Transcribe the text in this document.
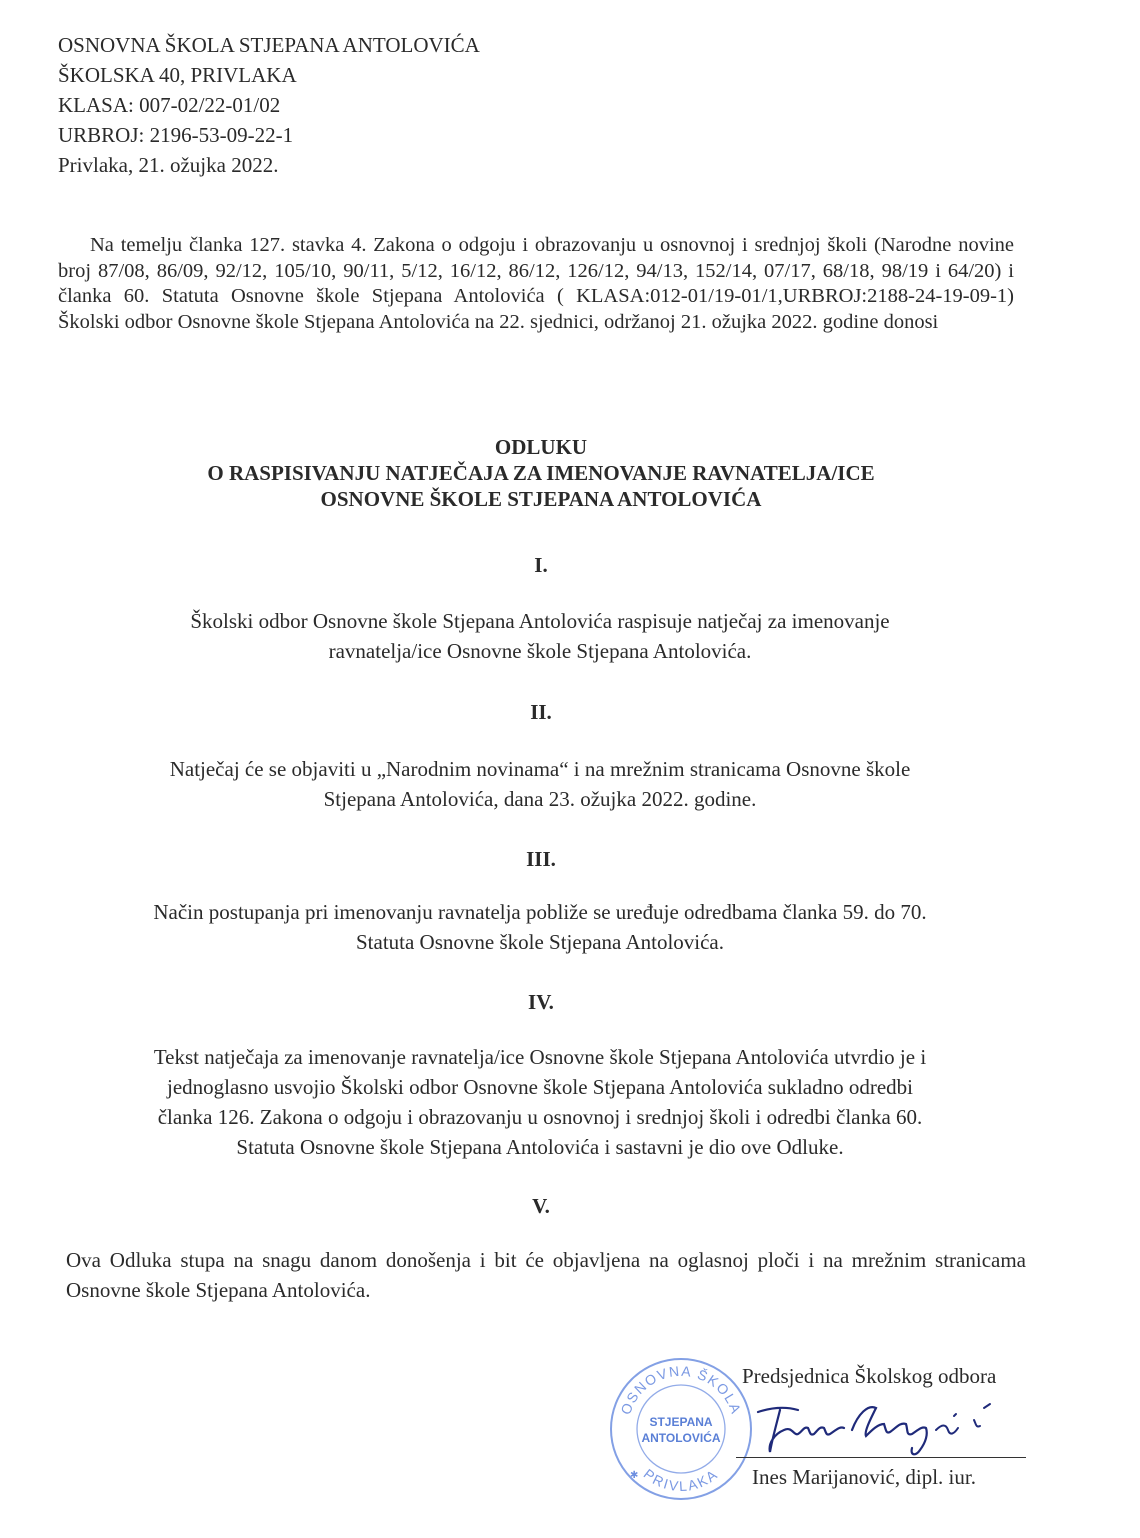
OSNOVNA ŠKOLA STJEPANA ANTOLOVIĆA
ŠKOLSKA 40, PRIVLAKA
KLASA: 007-02/22-01/02
URBROJ: 2196-53-09-22-1
Privlaka, 21. ožujka 2022.
Na temelju članka 127. stavka 4. Zakona o odgoju i obrazovanju u osnovnoj i srednjoj školi (Narodne novine broj 87/08, 86/09, 92/12, 105/10, 90/11, 5/12, 16/12, 86/12, 126/12, 94/13, 152/14, 07/17, 68/18, 98/19 i 64/20) i članka 60. Statuta Osnovne škole Stjepana Antolovića ( KLASA:012-01/19-01/1,URBROJ:2188-24-19-09-1) Školski odbor Osnovne škole Stjepana Antolovića na 22. sjednici, održanoj 21. ožujka 2022. godine donosi
ODLUKU
O RASPISIVANJU NATJEČAJA ZA IMENOVANJE RAVNATELJA/ICE
OSNOVNE ŠKOLE STJEPANA ANTOLOVIĆA
I.
Školski odbor Osnovne škole Stjepana Antolovića raspisuje natječaj za imenovanje
ravnatelja/ice Osnovne škole Stjepana Antolovića.
II.
Natječaj će se objaviti u „Narodnim novinama“ i na mrežnim stranicama Osnovne škole
Stjepana Antolovića, dana 23. ožujka 2022. godine.
III.
Način postupanja pri imenovanju ravnatelja pobliže se uređuje odredbama članka 59. do 70.
Statuta Osnovne škole Stjepana Antolovića.
IV.
Tekst natječaja za imenovanje ravnatelja/ice Osnovne škole Stjepana Antolovića utvrdio je i
jednoglasno usvojio Školski odbor Osnovne škole Stjepana Antolovića sukladno odredbi
članka 126. Zakona o odgoju i obrazovanju u osnovnoj i srednjoj školi i odredbi članka 60.
Statuta Osnovne škole Stjepana Antolovića i sastavni je dio ove Odluke.
V.
Ova Odluka stupa na snagu danom donošenja i bit će objavljena na oglasnoj ploči i na mrežnim stranicama Osnovne škole Stjepana Antolovića.
OSNOVNA ŠKOLA
PRIVLAKA
STJEPANA
ANTOLOVIĆA
✱
Predsjednica Školskog odbora
Ines Marijanović, dipl. iur.
